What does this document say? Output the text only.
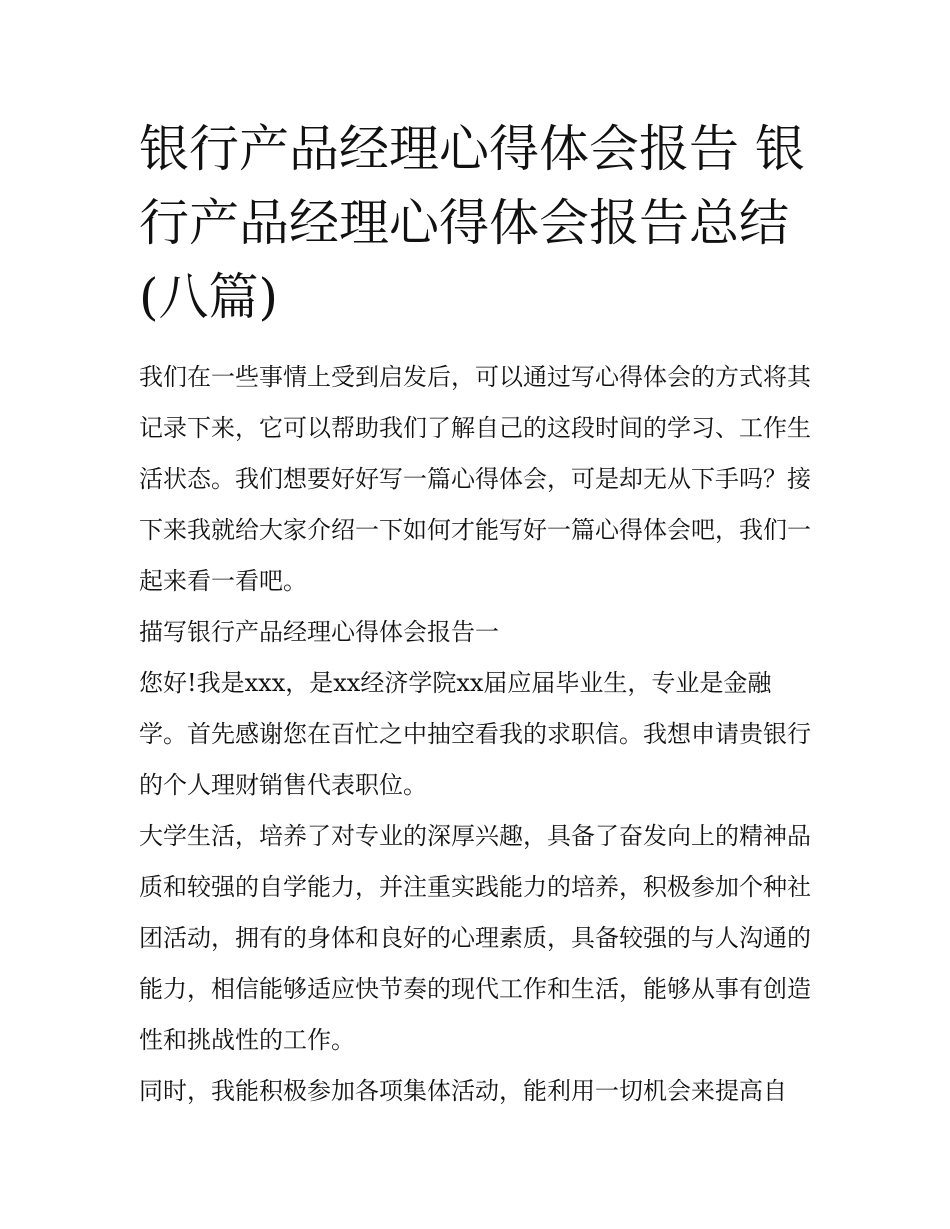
银行产品经理心得体会报告 银行产品经理心得体会报告总结(八篇)

我们在一些事情上受到启发后，可以通过写心得体会的方式将其记录下来，它可以帮助我们了解自己的这段时间的学习、工作生活状态。我们想要好好写一篇心得体会，可是却无从下手吗？接下来我就给大家介绍一下如何才能写好一篇心得体会吧，我们一起来看一看吧。

描写银行产品经理心得体会报告一

您好!我是xxx，是xx经济学院xx届应届毕业生，专业是金融学。首先感谢您在百忙之中抽空看我的求职信。我想申请贵银行的个人理财销售代表职位。

大学生活，培养了对专业的深厚兴趣，具备了奋发向上的精神品质和较强的自学能力，并注重实践能力的培养，积极参加个种社团活动，拥有的身体和良好的心理素质，具备较强的与人沟通的能力，相信能够适应快节奏的现代工作和生活，能够从事有创造性和挑战性的工作。

同时，我能积极参加各项集体活动，能利用一切机会来提高自
